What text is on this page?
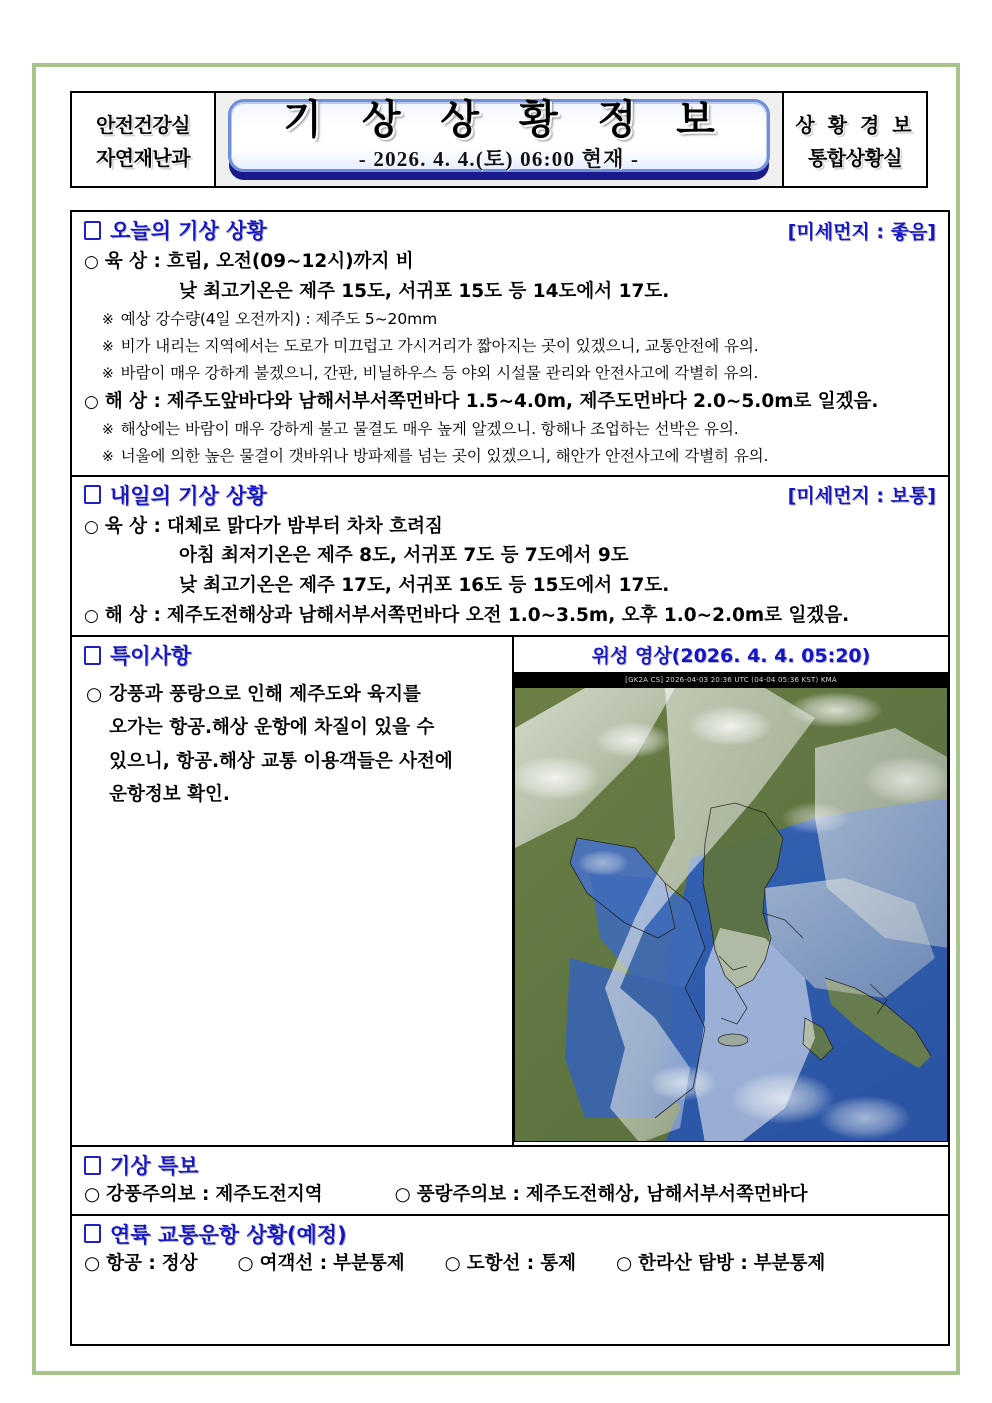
안전건강실
자연재난과
기 상 상 황 정 보
- 2026. 4. 4.(토) 06:00 현재 -
상 황 경 보
통합상황실
오늘의 기상 상황	[미세먼지 : 좋음]
○ 육 상 : 흐림, 오전(09~12시)까지 비
낮 최고기온은 제주 15도, 서귀포 15도 등 14도에서 17도.
※ 예상 강수량(4일 오전까지) : 제주도 5~20mm
※ 비가 내리는 지역에서는 도로가 미끄럽고 가시거리가 짧아지는 곳이 있겠으니, 교통안전에 유의.
※ 바람이 매우 강하게 불겠으니, 간판, 비닐하우스 등 야외 시설물 관리와 안전사고에 각별히 유의.
○ 해 상 : 제주도앞바다와 남해서부서쪽먼바다 1.5~4.0m, 제주도먼바다 2.0~5.0m로 일겠음.
※ 해상에는 바람이 매우 강하게 불고 물결도 매우 높게 알겠으니. 항해나 조업하는 선박은 유의.
※ 너울에 의한 높은 물결이 갯바위나 방파제를 넘는 곳이 있겠으니, 해안가 안전사고에 각별히 유의.
내일의 기상 상황	[미세먼지 : 보통]
○ 육 상 : 대체로 맑다가 밤부터 차차 흐려짐
아침 최저기온은 제주 8도, 서귀포 7도 등 7도에서 9도
낮 최고기온은 제주 17도, 서귀포 16도 등 15도에서 17도.
○ 해 상 : 제주도전해상과 남해서부서쪽먼바다 오전 1.0~3.5m, 오후 1.0~2.0m로 일겠음.
특이사항
○ 강풍과 풍랑으로 인해 제주도와 육지를
오가는 항공.해상 운항에 차질이 있을 수
있으니, 항공.해상 교통 이용객들은 사전에
운항정보 확인.
위성 영상(2026. 4. 4. 05:20)
[GK2A CS] 2026-04-03 20:36 UTC (04-04 05:36 KST) KMA
기상 특보
○ 강풍주의보 : 제주도전지역	○ 풍랑주의보 : 제주도전해상, 남해서부서쪽먼바다
연륙 교통운항 상황(예정)
○ 항공 : 정상 ○ 여객선 : 부분통제 ○ 도항선 : 통제 ○ 한라산 탐방 : 부분통제
